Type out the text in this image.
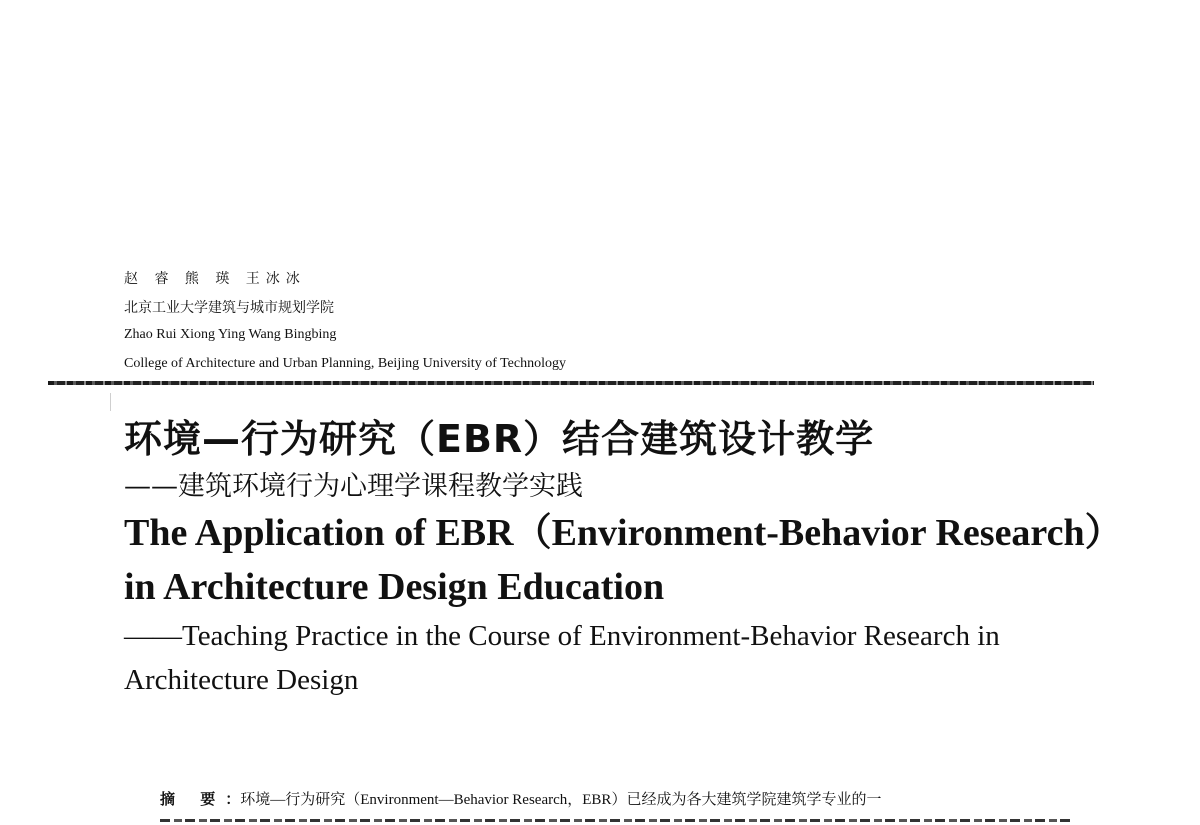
赵 睿 熊 瑛 王冰冰
北京工业大学建筑与城市规划学院
Zhao Rui Xiong Ying Wang Bingbing
College of Architecture and Urban Planning, Beijing University of Technology
环境—行为研究（EBR）结合建筑设计教学
——建筑环境行为心理学课程教学实践
The Application of EBR（Environment-Behavior Research）in Architecture Design Education
——Teaching Practice in the Course of Environment-Behavior Research in Architecture Design
摘 要：环境—行为研究（Environment—Behavior Research，EBR）已经成为各大建筑学院建筑学专业的一
